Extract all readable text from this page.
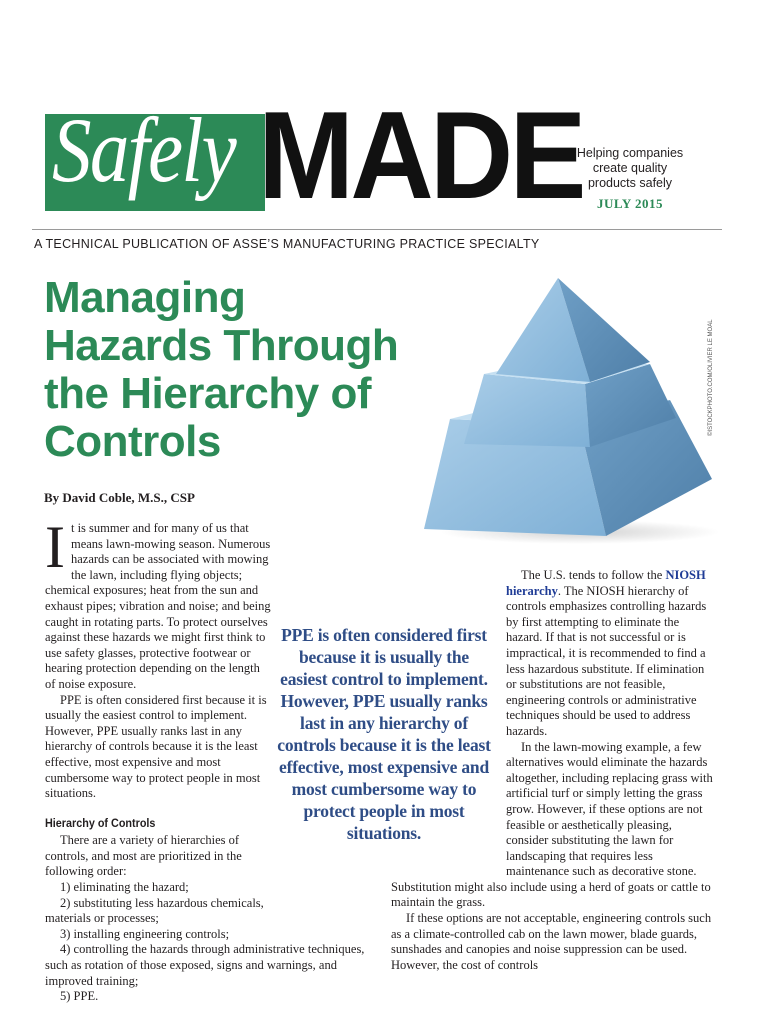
Safely MADE
Helping companies create quality products safely
JULY 2015
A TECHNICAL PUBLICATION OF ASSE’S MANUFACTURING PRACTICE SPECIALTY
Managing Hazards Through the Hierarchy of Controls
By David Coble, M.S., CSP
©ISTOCKPHOTO.COM/OLIVIER LE MOAL

It is summer and for many of us that means lawn-mowing season. Numerous hazards can be associated with mowing the lawn, including flying objects; chemical exposures; heat from the sun and exhaust pipes; vibration and noise; and being caught in rotating parts. To protect ourselves against these hazards we might first think to use safety glasses, protective footwear or hearing protection depending on the length of noise exposure.

PPE is often considered first because it is usually the easiest control to implement. However, PPE usually ranks last in any hierarchy of controls because it is the least effective, most expensive and most cumbersome way to protect people in most situations.

Hierarchy of Controls

There are a variety of hierarchies of controls, and most are prioritized in the following order:

1) eliminating the hazard;

2) substituting less hazardous chemicals, materials or processes;

3) installing engineering controls;

4) controlling the hazards through administrative techniques, such as rotation of those exposed, signs and warnings, and improved training;

5) PPE.

The U.S. tends to follow the NIOSH hierarchy. The NIOSH hierarchy of controls emphasizes controlling hazards by first attempting to eliminate the hazard. If that is not successful or is impractical, it is recommended to find a less hazardous substitute. If elimination or substitutions are not feasible, engineering controls or administrative techniques should be used to address hazards.

In the lawn-mowing example, a few alternatives would eliminate the hazards altogether, including replacing grass with artificial turf or simply letting the grass grow. However, if these options are not feasible or aesthetically pleasing, consider substituting the lawn for landscaping that requires less maintenance such as decorative stone. Substitution might also include using a herd of goats or cattle to maintain the grass.

If these options are not acceptable, engineering controls such as a climate-controlled cab on the lawn mower, blade guards, sunshades and canopies and noise suppression can be used. However, the cost of controls

PPE is often considered first because it is usually the easiest control to implement. However, PPE usually ranks last in any hierarchy of controls because it is the least effective, most expensive and most cumbersome way to protect people in most situations.
